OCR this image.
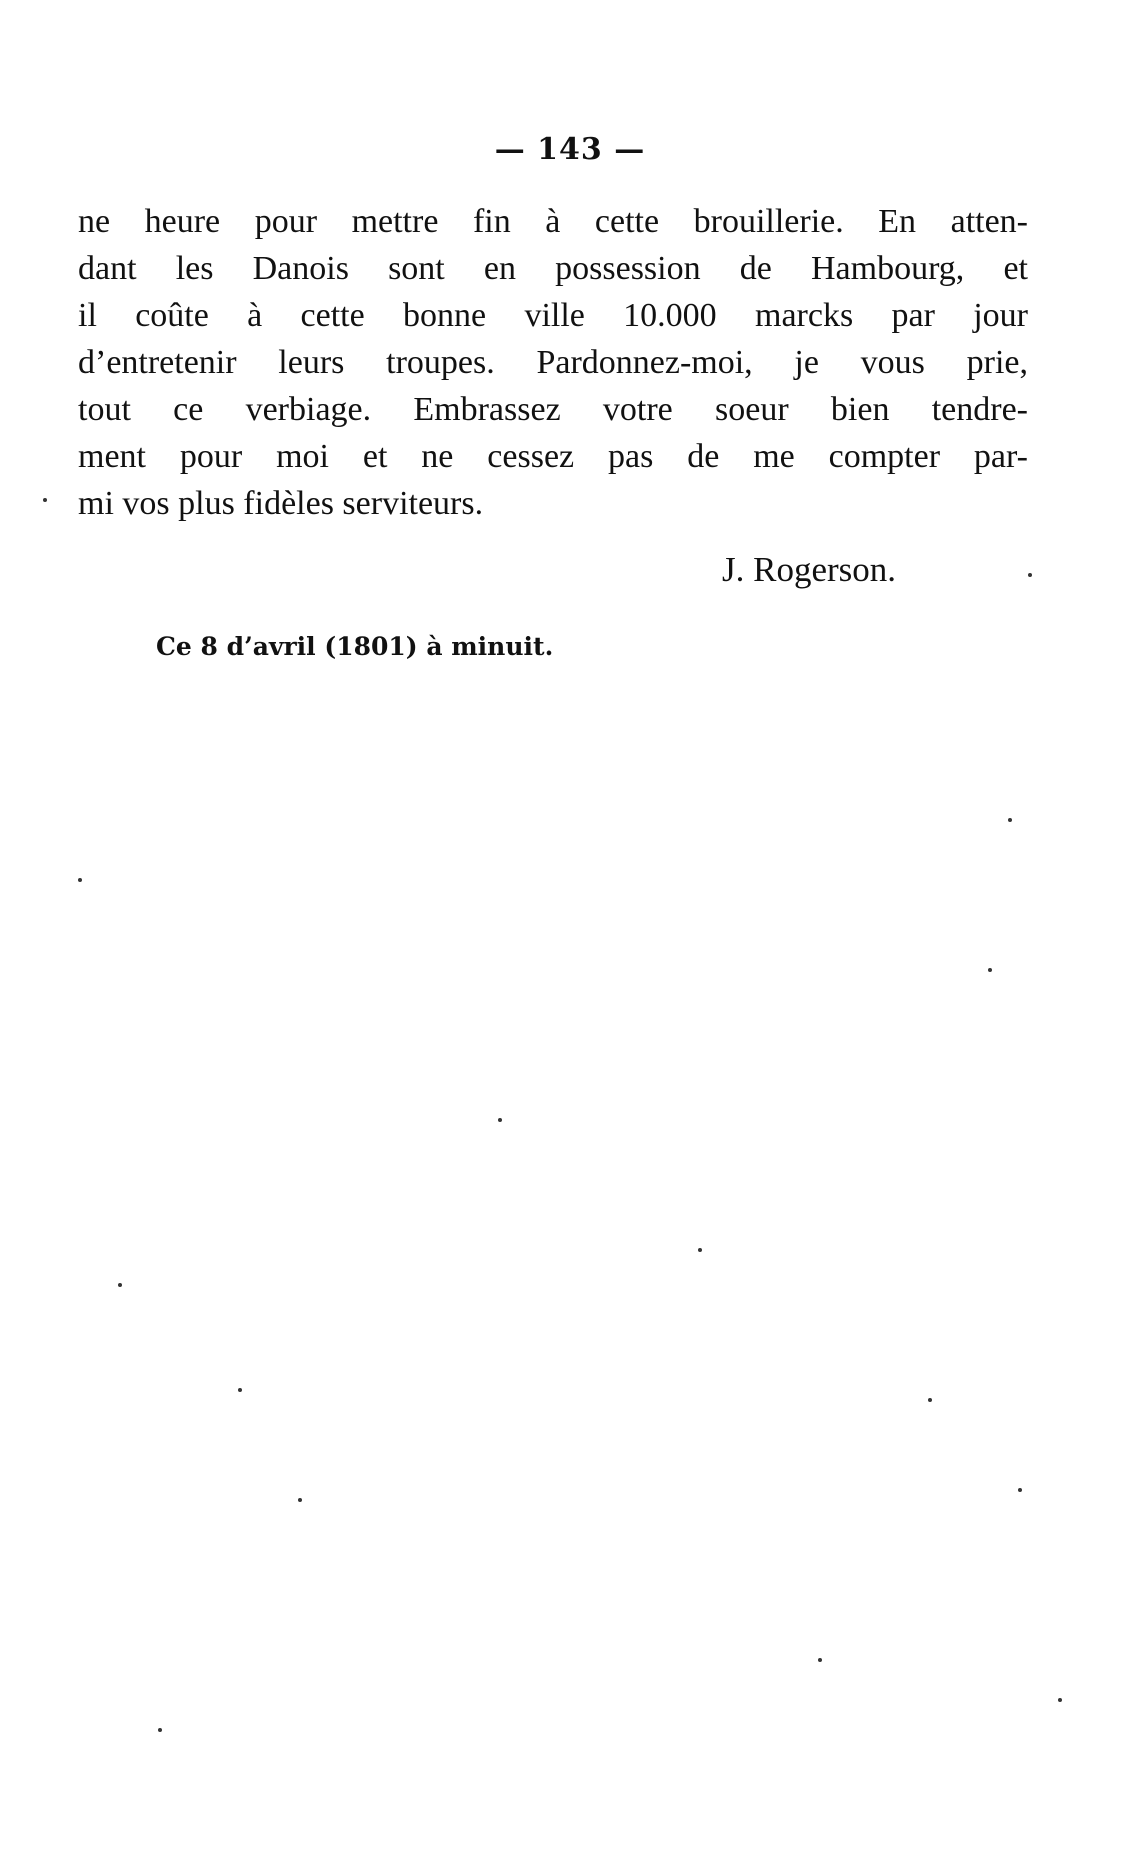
— 143 —
ne heure pour mettre fin à cette brouillerie. En atten-
dant les Danois sont en possession de Hambourg, et
il coûte à cette bonne ville 10.000 marcks par jour
d’entretenir leurs troupes. Pardonnez-moi, je vous prie,
tout ce verbiage. Embrassez votre soeur bien tendre-
ment pour moi et ne cessez pas de me compter par-
mi vos plus fidèles serviteurs.
J. Rogerson.
Ce 8 d’avril (1801) à minuit.
